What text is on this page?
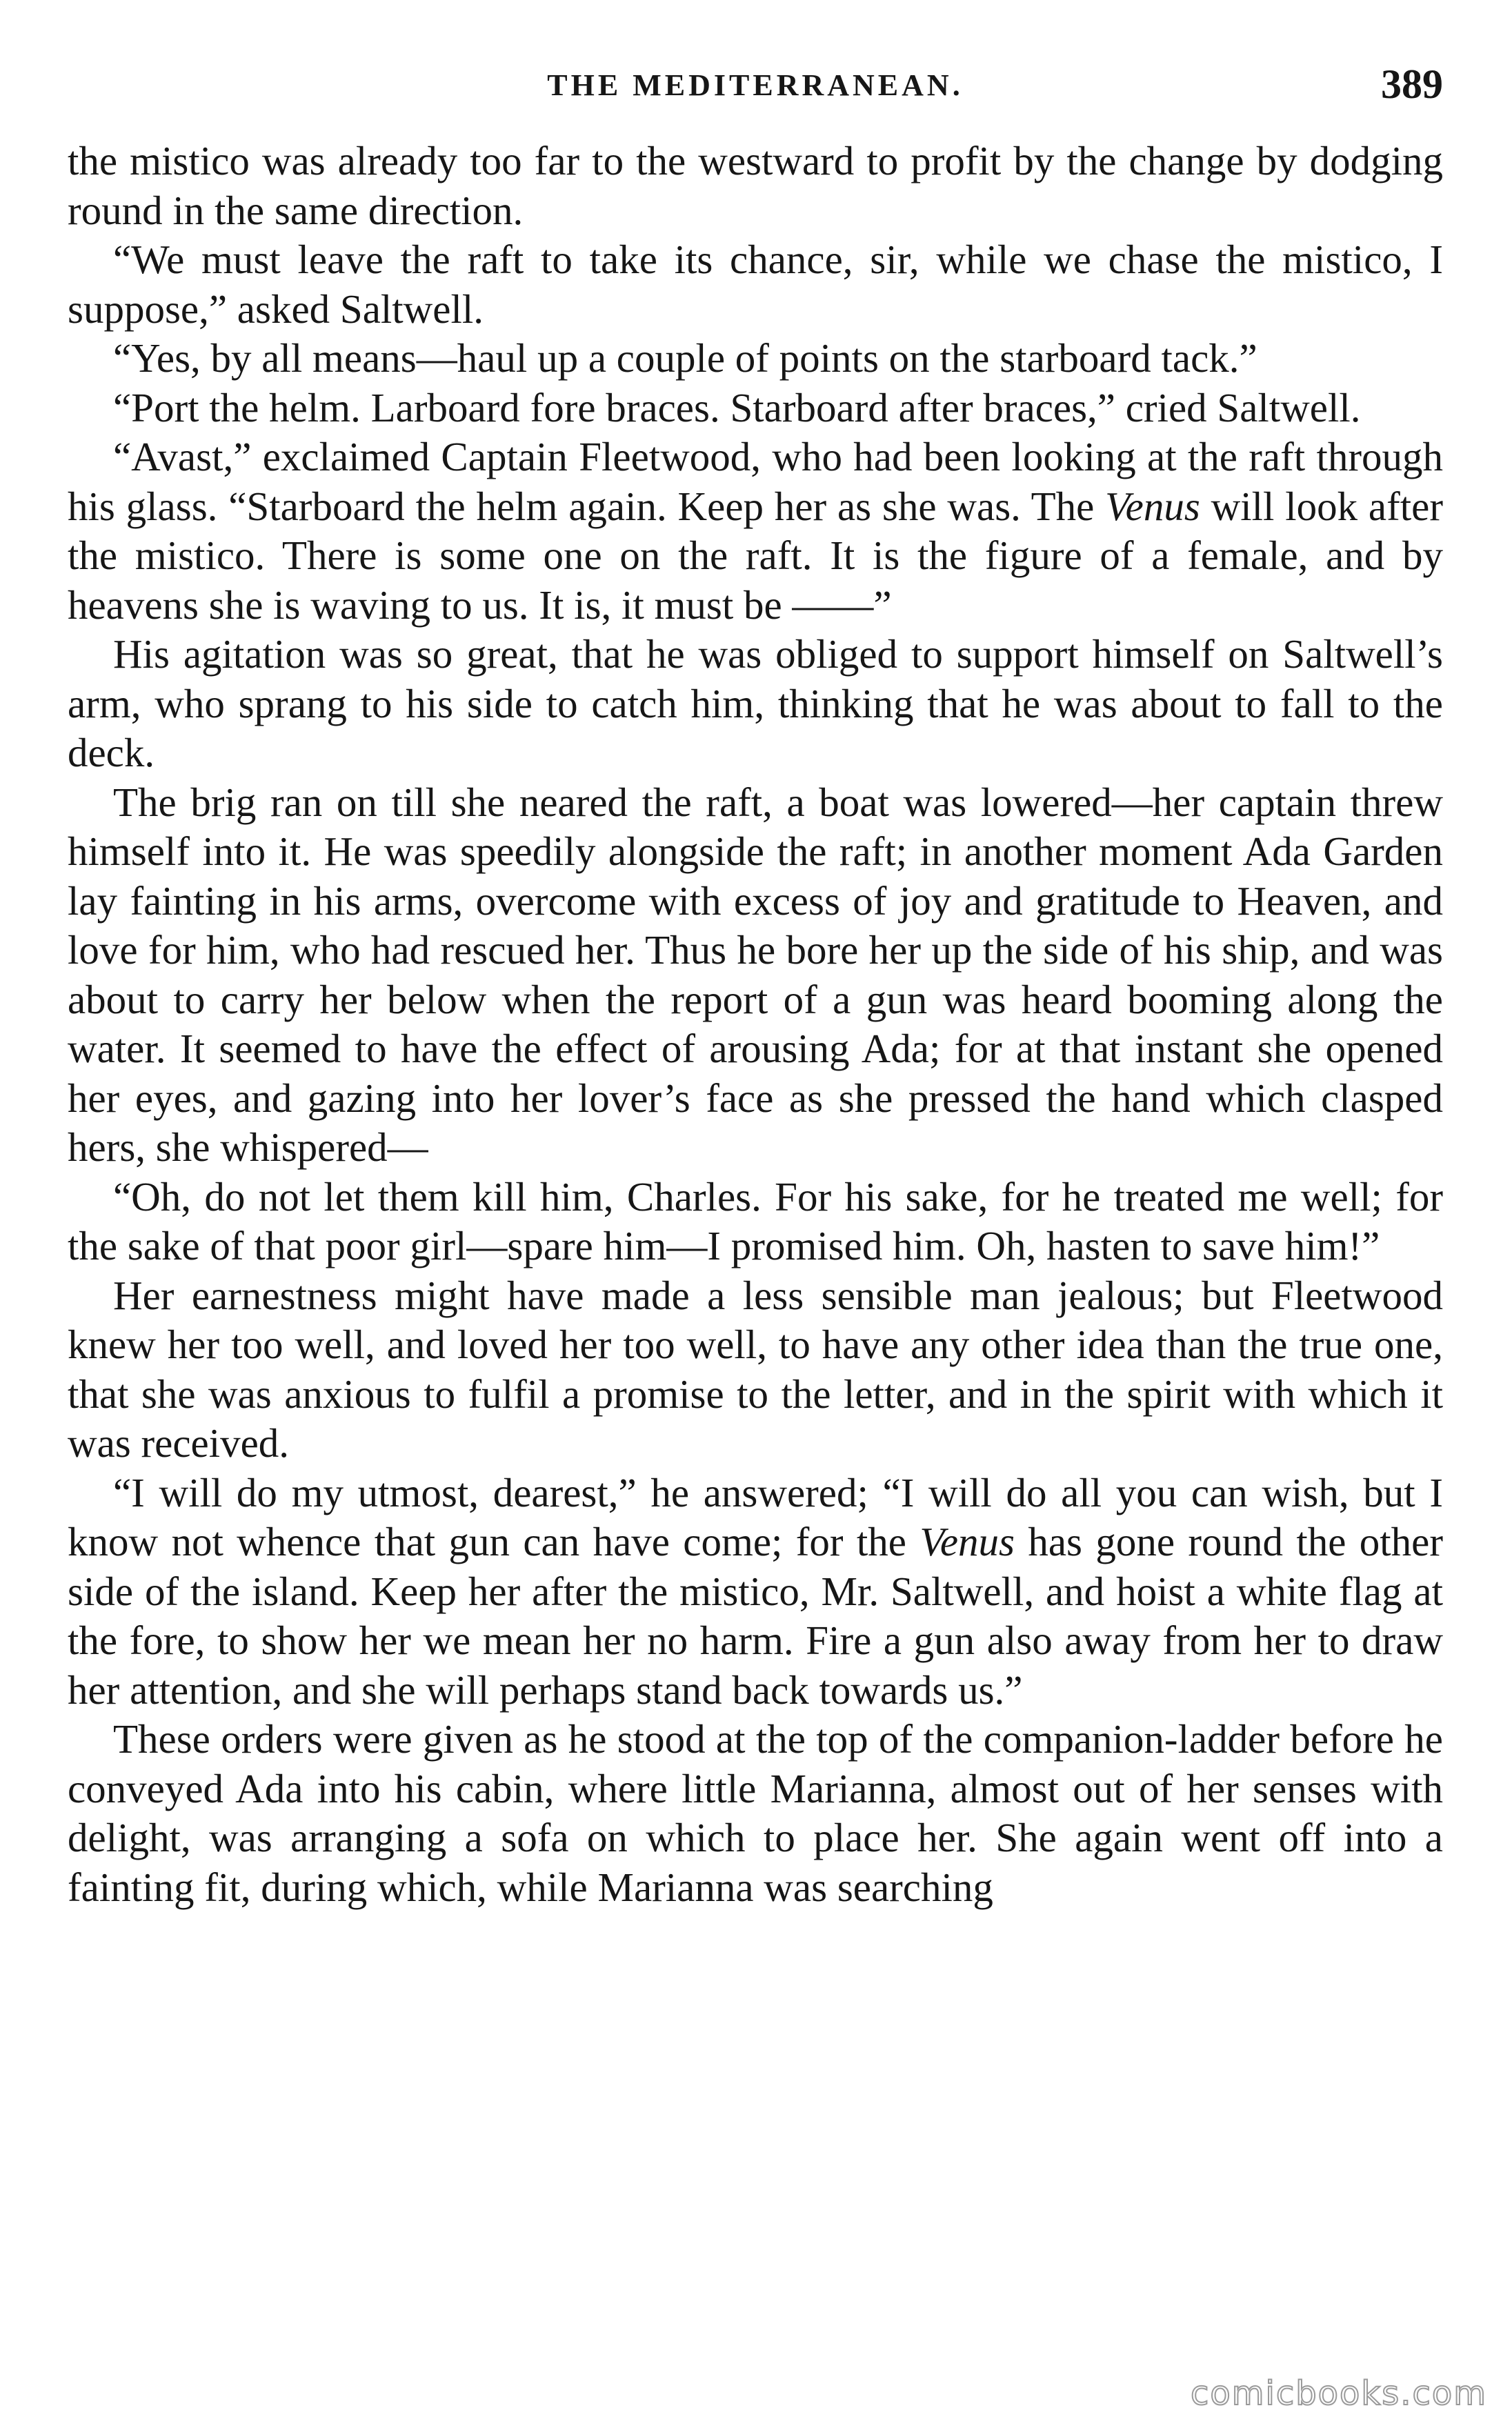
THE MEDITERRANEAN.	389

the mistico was already too far to the westward to profit by the change by dodging round in the same direction.

“We must leave the raft to take its chance, sir, while we chase the mistico, I suppose,” asked Saltwell.

“Yes, by all means—haul up a couple of points on the starboard tack.”

“Port the helm. Larboard fore braces. Starboard after braces,” cried Saltwell.

“Avast,” exclaimed Captain Fleetwood, who had been looking at the raft through his glass. “Starboard the helm again. Keep her as she was. The Venus will look after the mistico. There is some one on the raft. It is the figure of a female, and by heavens she is waving to us. It is, it must be ——”

His agitation was so great, that he was obliged to support himself on Saltwell’s arm, who sprang to his side to catch him, thinking that he was about to fall to the deck.

The brig ran on till she neared the raft, a boat was lowered—her captain threw himself into it. He was speedily alongside the raft; in another moment Ada Garden lay fainting in his arms, overcome with excess of joy and gratitude to Heaven, and love for him, who had rescued her. Thus he bore her up the side of his ship, and was about to carry her below when the report of a gun was heard booming along the water. It seemed to have the effect of arousing Ada; for at that instant she opened her eyes, and gazing into her lover’s face as she pressed the hand which clasped hers, she whispered—

“Oh, do not let them kill him, Charles. For his sake, for he treated me well; for the sake of that poor girl—spare him—I promised him. Oh, hasten to save him!”

Her earnestness might have made a less sensible man jealous; but Fleetwood knew her too well, and loved her too well, to have any other idea than the true one, that she was anxious to fulfil a promise to the letter, and in the spirit with which it was received.

“I will do my utmost, dearest,” he answered; “I will do all you can wish, but I know not whence that gun can have come; for the Venus has gone round the other side of the island. Keep her after the mistico, Mr. Saltwell, and hoist a white flag at the fore, to show her we mean her no harm. Fire a gun also away from her to draw her attention, and she will perhaps stand back towards us.”

These orders were given as he stood at the top of the companion-ladder before he conveyed Ada into his cabin, where little Marianna, almost out of her senses with delight, was arranging a sofa on which to place her. She again went off into a fainting fit, during which, while Marianna was searching

comicbooks.com
